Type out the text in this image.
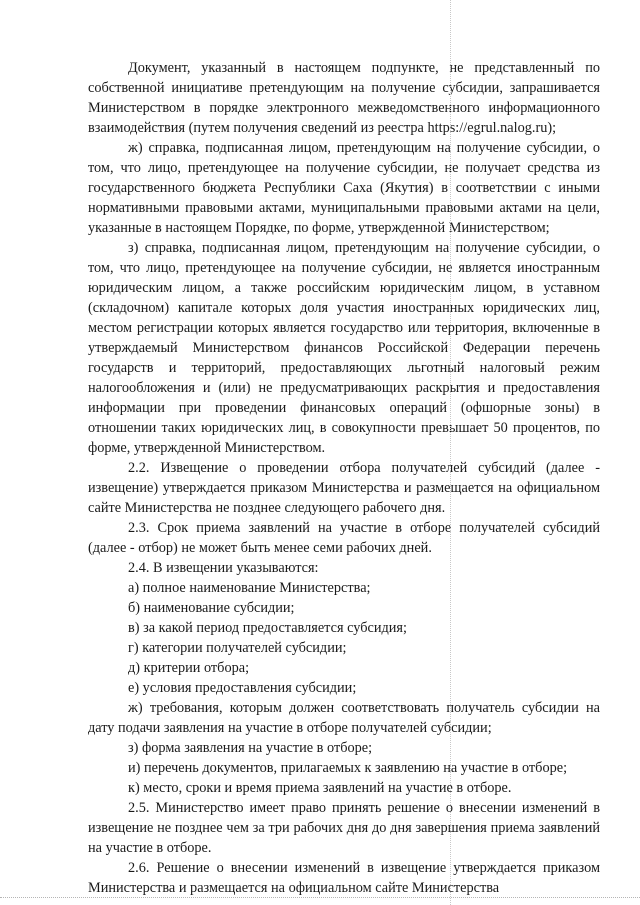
Документ, указанный в настоящем подпункте, не представленный по собственной инициативе претендующим на получение субсидии, запрашивается Министерством в порядке электронного межведомственного информационного взаимодействия (путем получения сведений из реестра https://egrul.nalog.ru);

ж) справка, подписанная лицом, претендующим на получение субсидии, о том, что лицо, претендующее на получение субсидии, не получает средства из государственного бюджета Республики Саха (Якутия) в соответствии с иными нормативными правовыми актами, муниципальными правовыми актами на цели, указанные в настоящем Порядке, по форме, утвержденной Министерством;

з) справка, подписанная лицом, претендующим на получение субсидии, о том, что лицо, претендующее на получение субсидии, не является иностранным юридическим лицом, а также российским юридическим лицом, в уставном (складочном) капитале которых доля участия иностранных юридических лиц, местом регистрации которых является государство или территория, включенные в утверждаемый Министерством финансов Российской Федерации перечень государств и территорий, предоставляющих льготный налоговый режим налогообложения и (или) не предусматривающих раскрытия и предоставления информации при проведении финансовых операций (офшорные зоны) в отношении таких юридических лиц, в совокупности превышает 50 процентов, по форме, утвержденной Министерством.

2.2. Извещение о проведении отбора получателей субсидий (далее - извещение) утверждается приказом Министерства и размещается на официальном сайте Министерства не позднее следующего рабочего дня.

2.3. Срок приема заявлений на участие в отборе получателей субсидий (далее - отбор) не может быть менее семи рабочих дней.

2.4. В извещении указываются:

а) полное наименование Министерства;

б) наименование субсидии;

в) за какой период предоставляется субсидия;

г) категории получателей субсидии;

д) критерии отбора;

е) условия предоставления субсидии;

ж) требования, которым должен соответствовать получатель субсидии на дату подачи заявления на участие в отборе получателей субсидии;

з) форма заявления на участие в отборе;

и) перечень документов, прилагаемых к заявлению на участие в отборе;

к) место, сроки и время приема заявлений на участие в отборе.

2.5. Министерство имеет право принять решение о внесении изменений в извещение не позднее чем за три рабочих дня до дня завершения приема заявлений на участие в отборе.

2.6. Решение о внесении изменений в извещение утверждается приказом Министерства и размещается на официальном сайте Министерства
